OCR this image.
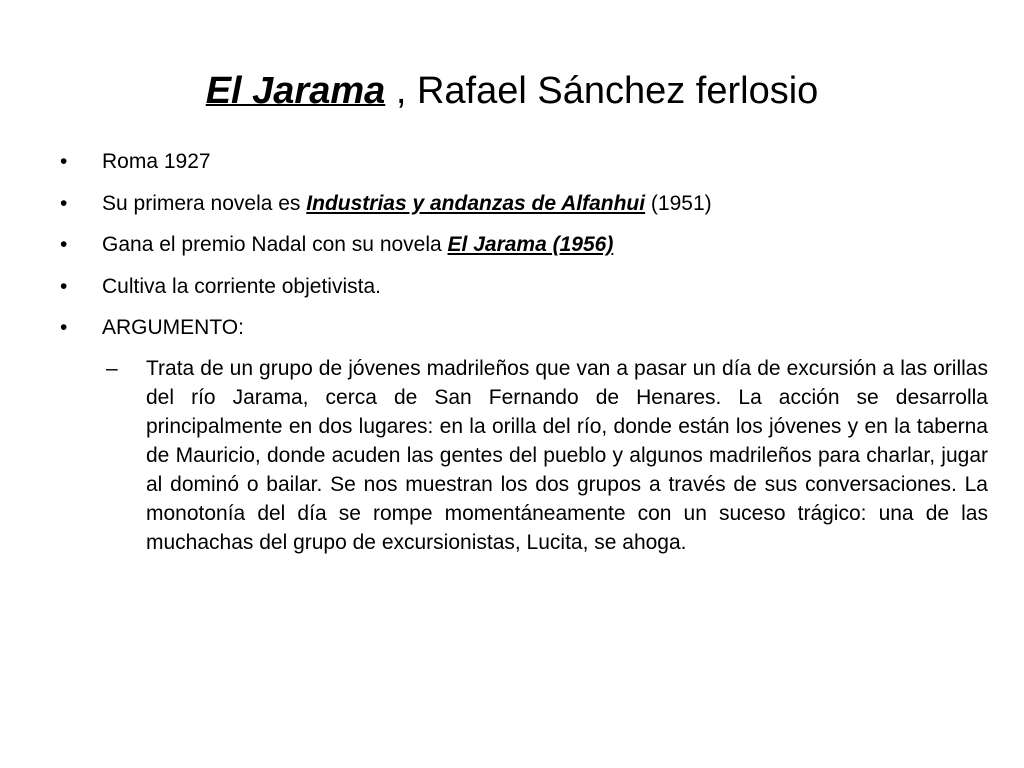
El Jarama , Rafael Sánchez ferlosio
•	Roma 1927
•	Su primera novela es Industrias y andanzas de Alfanhui (1951)
•	Gana el premio Nadal con su novela El Jarama (1956)
•	Cultiva la corriente objetivista.
•	ARGUMENTO:
– Trata de un grupo de jóvenes madrileños que van a pasar un día de excursión a las orillas del río Jarama, cerca de San Fernando de Henares. La acción se desarrolla principalmente en dos lugares: en la orilla del río, donde están los jóvenes y en la taberna de Mauricio, donde acuden las gentes del pueblo y algunos madrileños para charlar, jugar al dominó o bailar. Se nos muestran los dos grupos a través de sus conversaciones. La monotonía del día se rompe momentáneamente con un suceso trágico: una de las muchachas del grupo de excursionistas, Lucita, se ahoga.
